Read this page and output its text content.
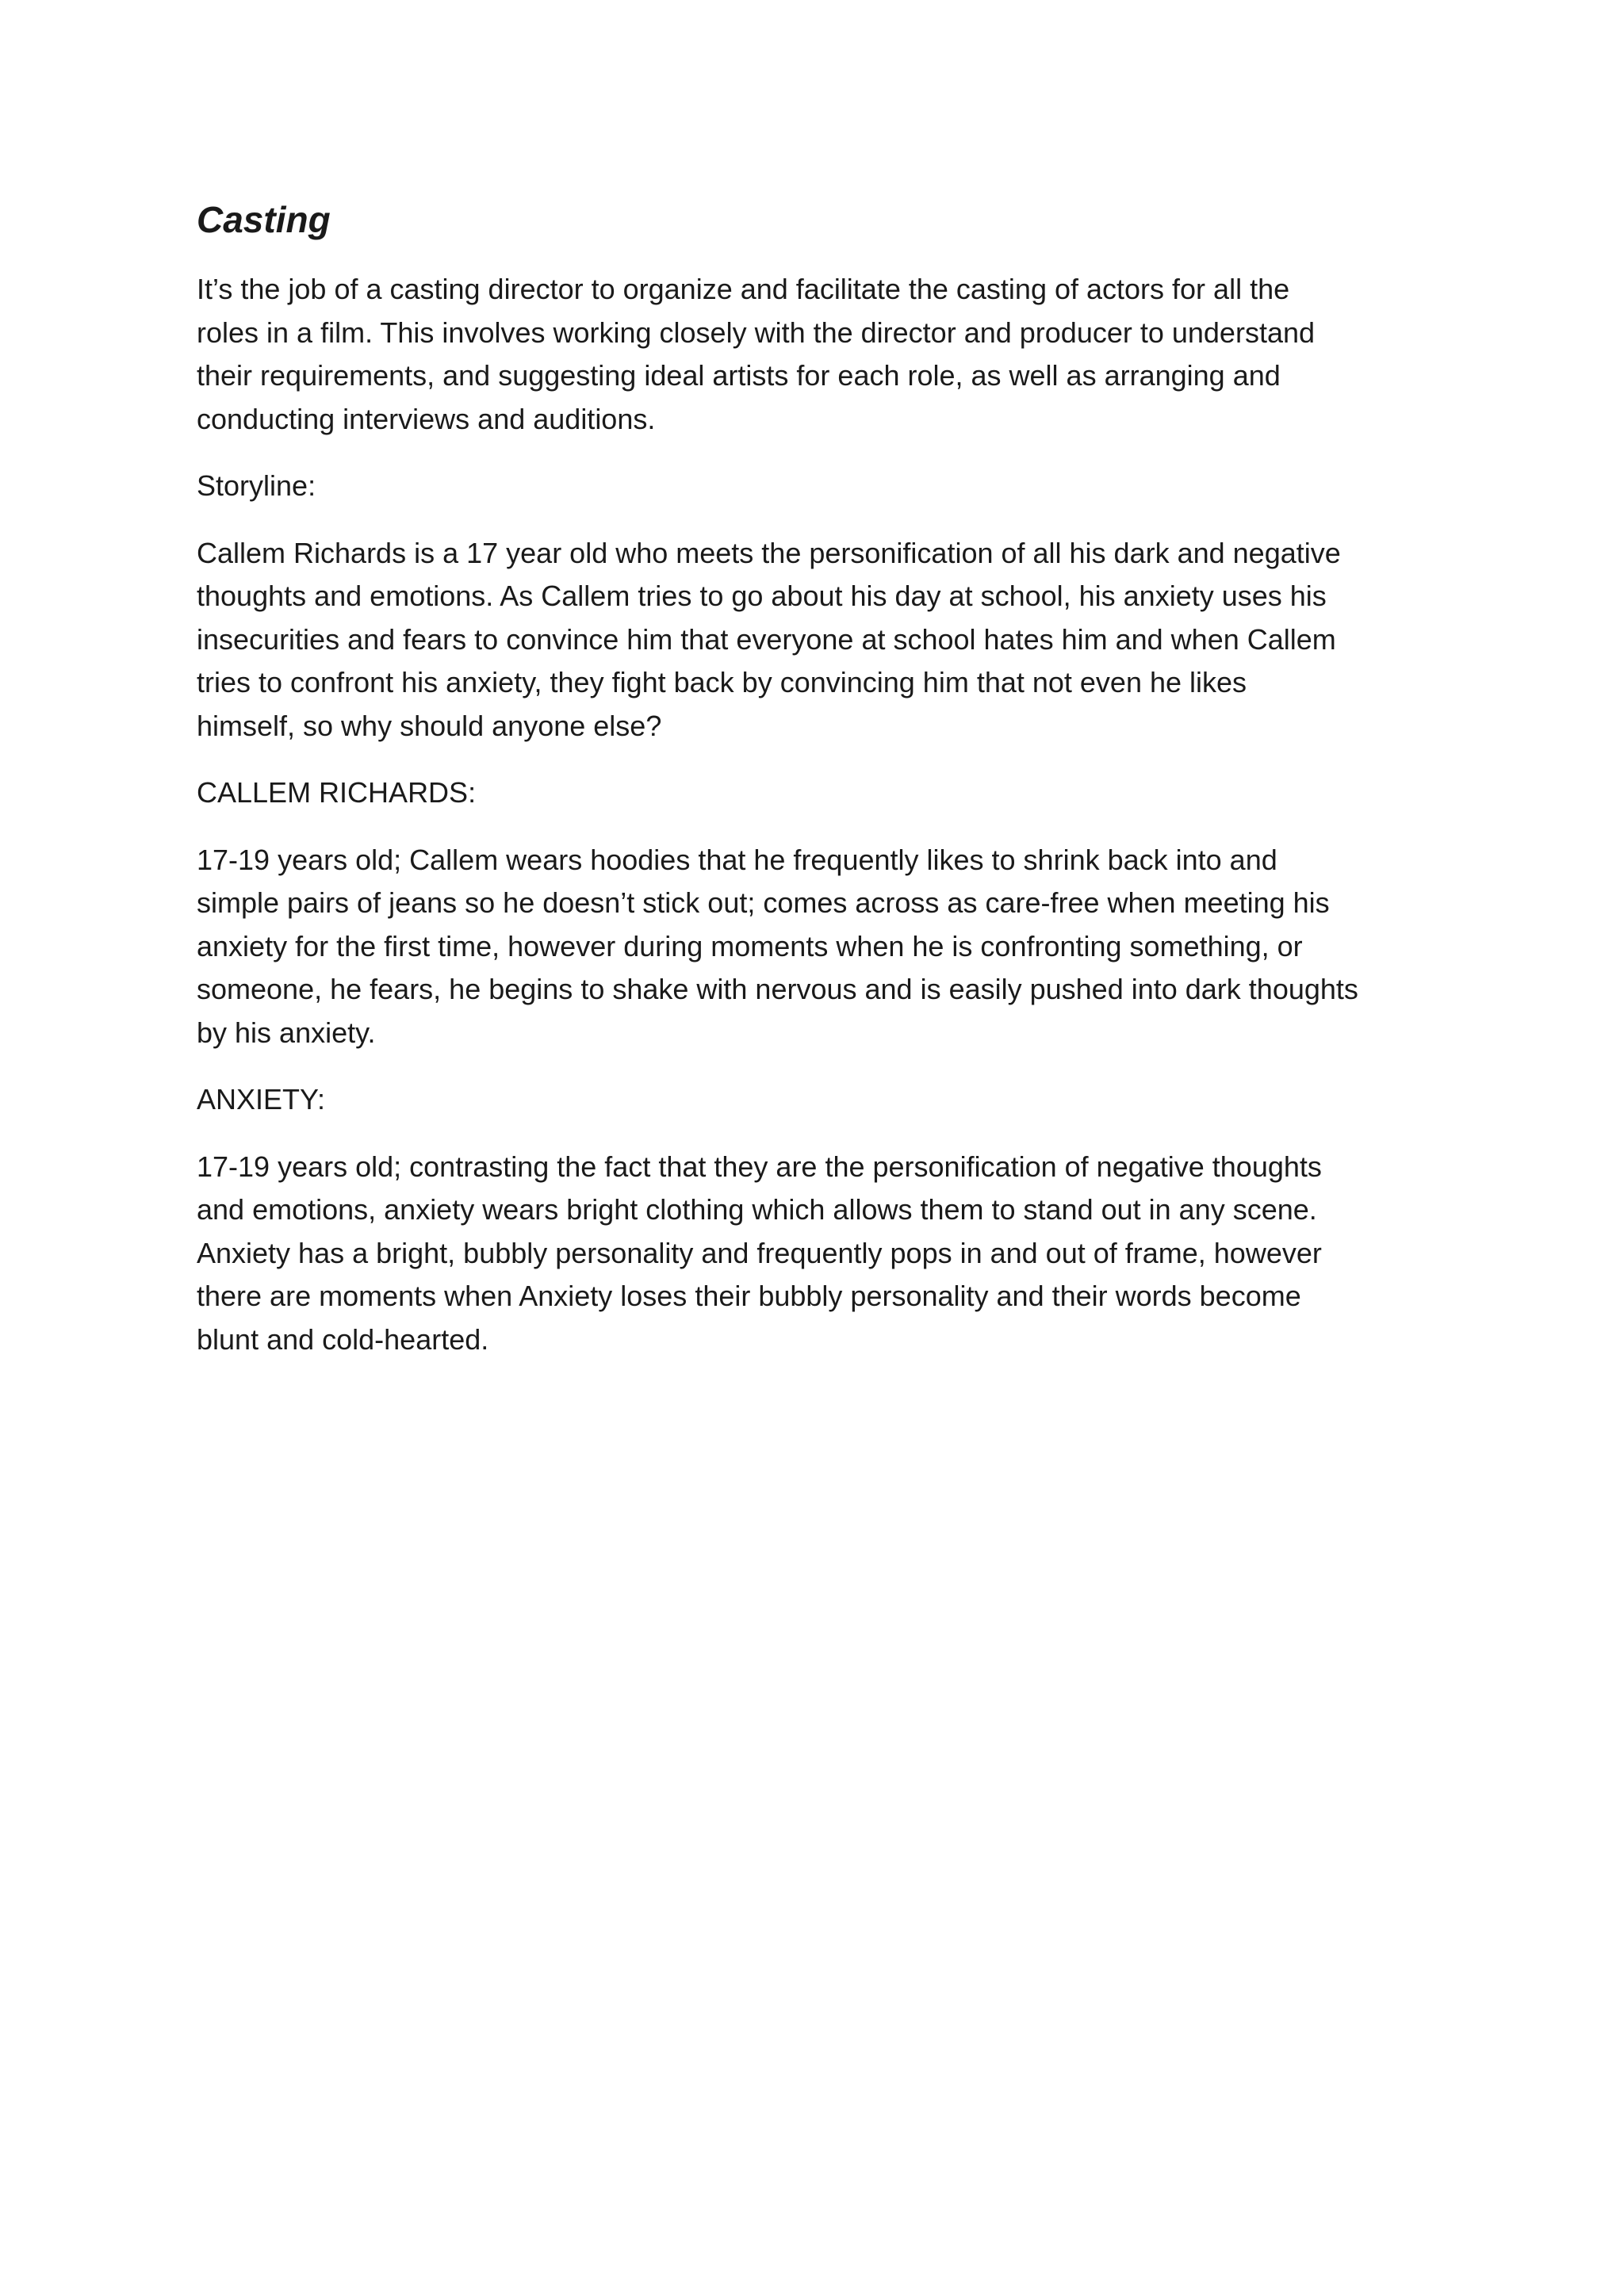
Casting
It’s the job of a casting director to organize and facilitate the casting of actors for all the
roles in a film. This involves working closely with the director and producer to understand
their requirements, and suggesting ideal artists for each role, as well as arranging and
conducting interviews and auditions.
Storyline:
Callem Richards is a 17 year old who meets the personification of all his dark and negative
thoughts and emotions. As Callem tries to go about his day at school, his anxiety uses his
insecurities and fears to convince him that everyone at school hates him and when Callem
tries to confront his anxiety, they fight back by convincing him that not even he likes
himself, so why should anyone else?
CALLEM RICHARDS:
17-19 years old; Callem wears hoodies that he frequently likes to shrink back into and
simple pairs of jeans so he doesn’t stick out; comes across as care-free when meeting his
anxiety for the first time, however during moments when he is confronting something, or
someone, he fears, he begins to shake with nervous and is easily pushed into dark thoughts
by his anxiety.
ANXIETY:
17-19 years old; contrasting the fact that they are the personification of negative thoughts
and emotions, anxiety wears bright clothing which allows them to stand out in any scene.
Anxiety has a bright, bubbly personality and frequently pops in and out of frame, however
there are moments when Anxiety loses their bubbly personality and their words become
blunt and cold-hearted.
